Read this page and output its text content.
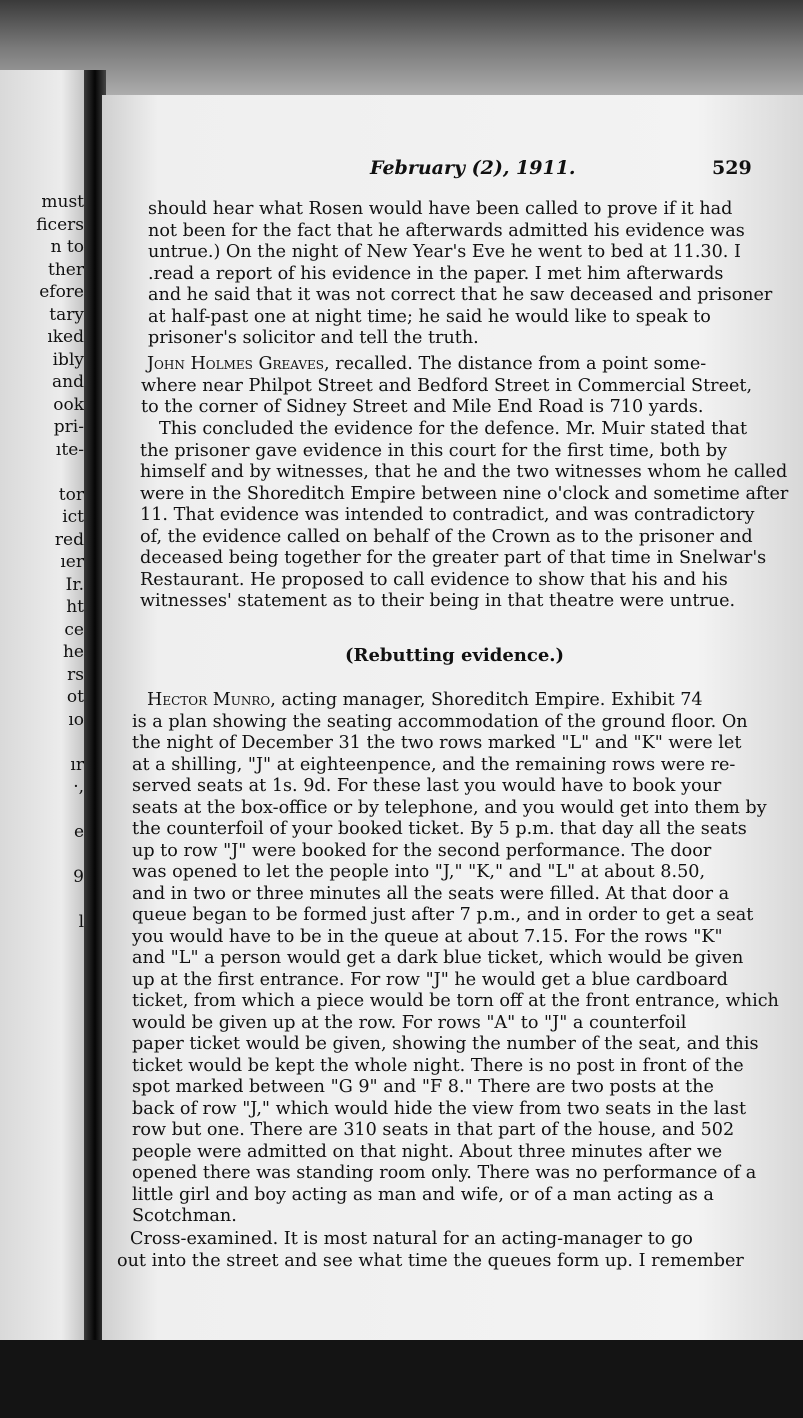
must
ficers
n to
ther
efore
tary
ıked
ibly
and
ook
pri-
ıte-
tor
ict
red
ıer
Ir.
ht
ce
he
rs
ot
ıo
ır
·,
e
9
l
February (2), 1911.	529
should hear what Rosen would have been called to prove if it had
not been for the fact that he afterwards admitted his evidence was
untrue.) On the night of New Year's Eve he went to bed at 11.30. I
.read a report of his evidence in the paper. I met him afterwards
and he said that it was not correct that he saw deceased and prisoner
at half-past one at night time; he said he would like to speak to
prisoner's solicitor and tell the truth.
John Holmes Greaves, recalled. The distance from a point some-
where near Philpot Street and Bedford Street in Commercial Street,
to the corner of Sidney Street and Mile End Road is 710 yards.
This concluded the evidence for the defence. Mr. Muir stated that
the prisoner gave evidence in this court for the first time, both by
himself and by witnesses, that he and the two witnesses whom he called
were in the Shoreditch Empire between nine o'clock and sometime after
11. That evidence was intended to contradict, and was contradictory
of, the evidence called on behalf of the Crown as to the prisoner and
deceased being together for the greater part of that time in Snelwar's
Restaurant. He proposed to call evidence to show that his and his
witnesses' statement as to their being in that theatre were untrue.
Hector Munro, acting manager, Shoreditch Empire. Exhibit 74
is a plan showing the seating accommodation of the ground floor. On
the night of December 31 the two rows marked "L" and "K" were let
at a shilling, "J" at eighteenpence, and the remaining rows were re-
served seats at 1s. 9d. For these last you would have to book your
seats at the box-office or by telephone, and you would get into them by
the counterfoil of your booked ticket. By 5 p.m. that day all the seats
up to row "J" were booked for the second performance. The door
was opened to let the people into "J," "K," and "L" at about 8.50,
and in two or three minutes all the seats were filled. At that door a
queue began to be formed just after 7 p.m., and in order to get a seat
you would have to be in the queue at about 7.15. For the rows "K"
and "L" a person would get a dark blue ticket, which would be given
up at the first entrance. For row "J" he would get a blue cardboard
ticket, from which a piece would be torn off at the front entrance, which
would be given up at the row. For rows "A" to "J" a counterfoil
paper ticket would be given, showing the number of the seat, and this
ticket would be kept the whole night. There is no post in front of the
spot marked between "G 9" and "F 8." There are two posts at the
back of row "J," which would hide the view from two seats in the last
row but one. There are 310 seats in that part of the house, and 502
people were admitted on that night. About three minutes after we
opened there was standing room only. There was no performance of a
little girl and boy acting as man and wife, or of a man acting as a
Scotchman.
Cross-examined. It is most natural for an acting-manager to go
out into the street and see what time the queues form up. I remember
(Rebutting evidence.)
